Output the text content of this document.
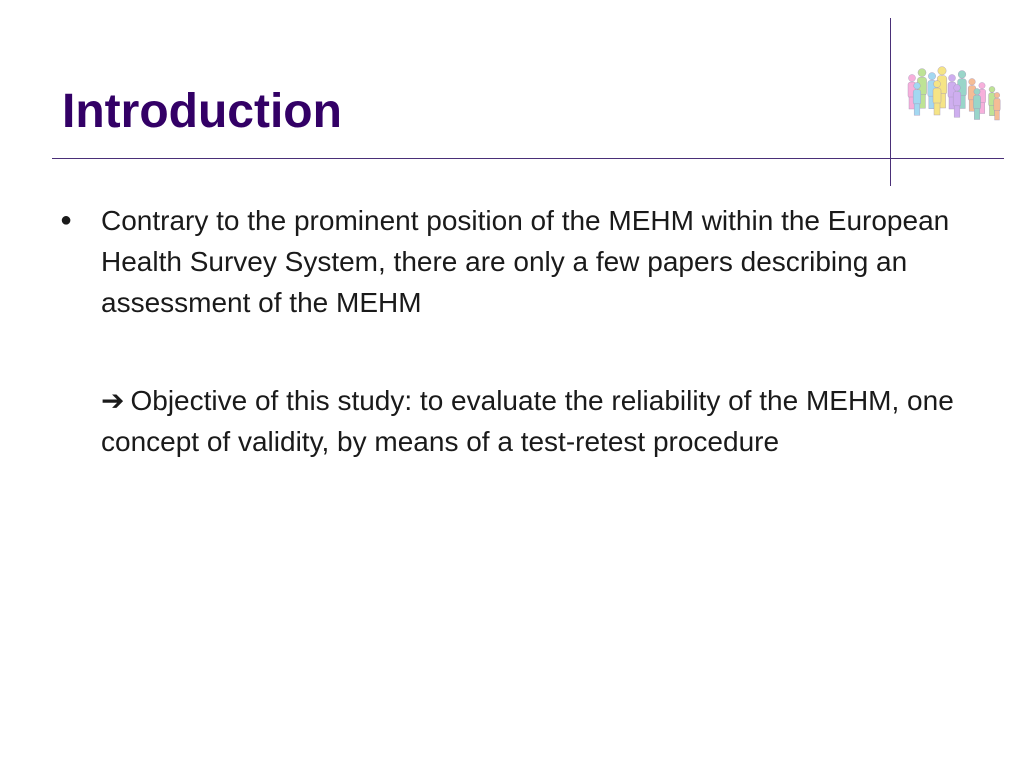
Introduction
● Contrary to the prominent position of the MEHM within the European Health Survey System, there are only a few papers describing an assessment of the MEHM

➔ Objective of this study: to evaluate the reliability of the MEHM, one concept of validity, by means of a test-retest procedure
